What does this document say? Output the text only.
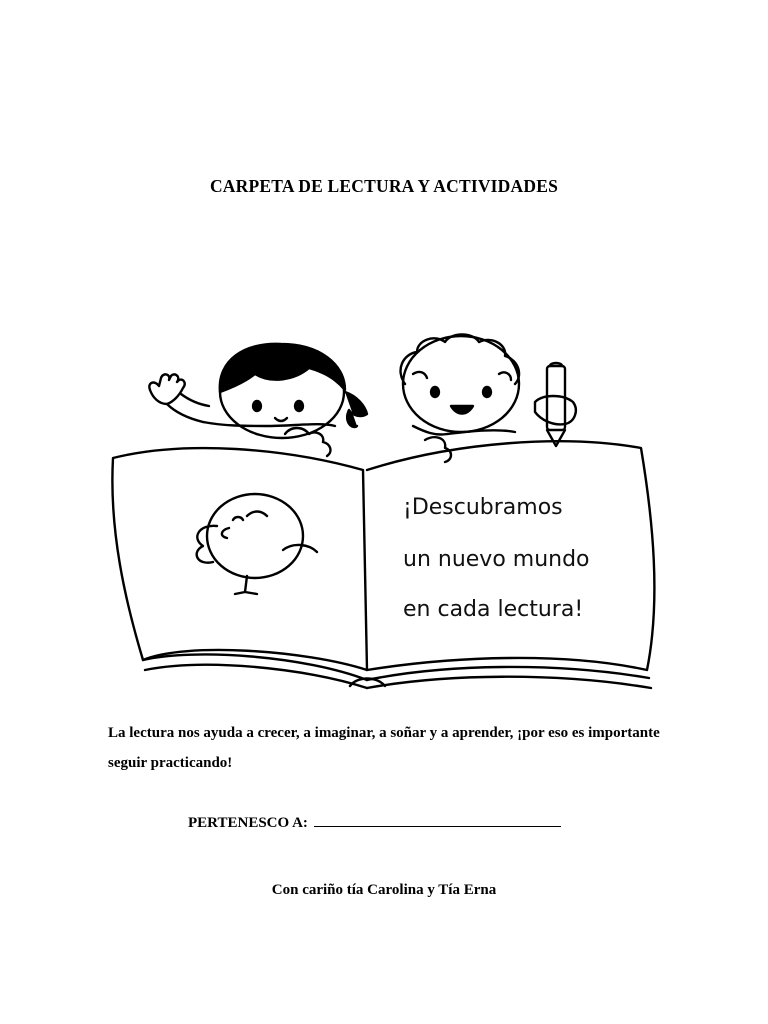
CARPETA DE LECTURA Y ACTIVIDADES
¡Descubramos
un nuevo mundo
en cada lectura!
La lectura nos ayuda a crecer, a imaginar, a soñar y a aprender, ¡por eso es importante seguir practicando!
PERTENESCO A:
Con cariño tía Carolina y Tía Erna
